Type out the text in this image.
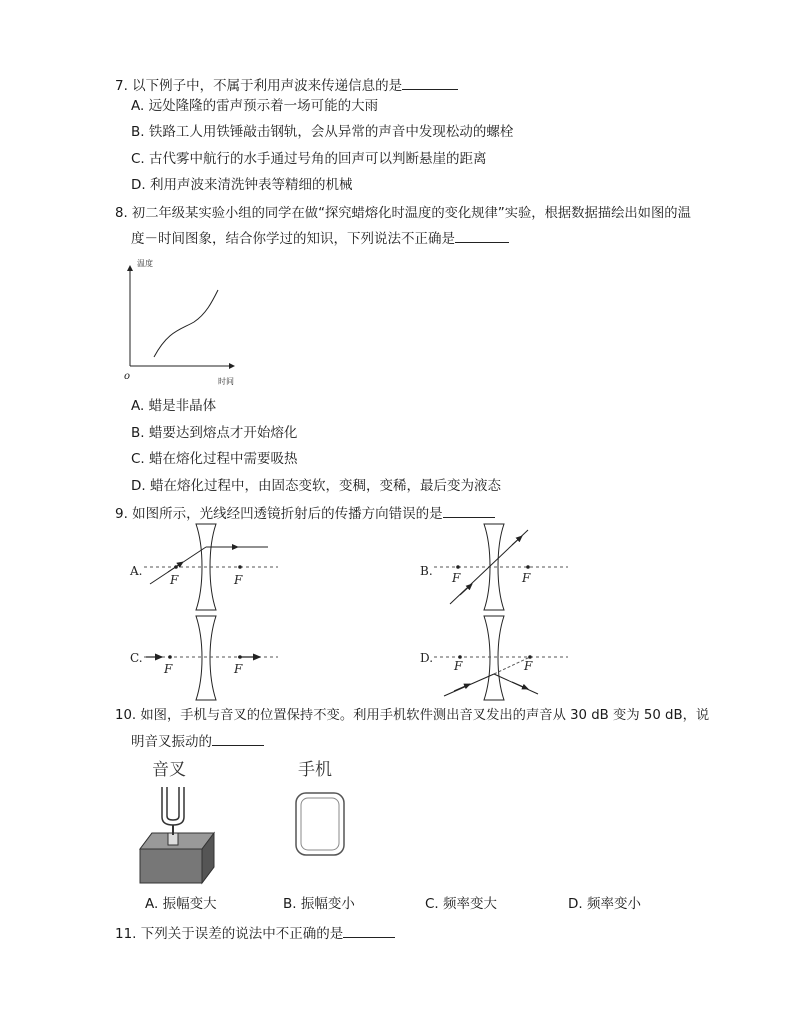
7. 以下例子中，不属于利用声波来传递信息的是
A. 远处隆隆的雷声预示着一场可能的大雨
B. 铁路工人用铁锤敲击钢轨，会从异常的声音中发现松动的螺栓
C. 古代雾中航行的水手通过号角的回声可以判断悬崖的距离
D. 利用声波来清洗钟表等精细的机械
8. 初二年级某实验小组的同学在做“探究蜡熔化时温度的变化规律”实验，根据数据描绘出如图的温
度－时间图象，结合你学过的知识，下列说法不正确是
温度
时间
o
A. 蜡是非晶体
B. 蜡要达到熔点才开始熔化
C. 蜡在熔化过程中需要吸热
D. 蜡在熔化过程中，由固态变软，变稠，变稀，最后变为液态
9. 如图所示，光线经凹透镜折射后的传播方向错误的是
A.
F	F
B. F	F
C.
F	F
D.
F	F
10. 如图，手机与音叉的位置保持不变。利用手机软件测出音叉发出的声音从 30 dB 变为 50 dB，说
明音叉振动的
音叉	手机
A. 振幅变大	B. 振幅变小	C. 频率变大	D. 频率变小
11. 下列关于误差的说法中不正确的是
